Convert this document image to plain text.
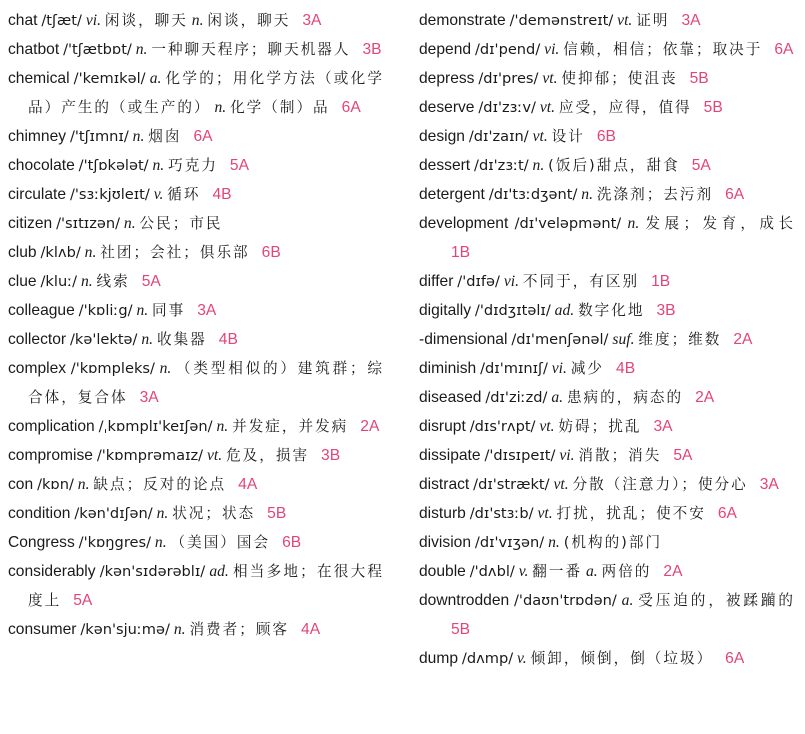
chat /tʃæt/ vi. 闲谈，聊天 n. 闲谈，聊天 3A

chatbot /'tʃætbɒt/ n. 一种聊天程序；聊天机器人 3B

chemical /'kemɪkəl/ a. 化学的；用化学方法（或化学品）产生的（或生产的） n. 化学（制）品 6A

chimney /'tʃɪmnɪ/ n. 烟囱 6A

chocolate /'tʃɒkələt/ n. 巧克力 5A

circulate /'sɜːkjʊleɪt/ v. 循环 4B

citizen /'sɪtɪzən/ n. 公民；市民

club /klʌb/ n. 社团；会社；俱乐部 6B

clue /kluː/ n. 线索 5A

colleague /'kɒliːg/ n. 同事 3A

collector /kə'lektə/ n. 收集器 4B

complex /'kɒmpleks/ n. （类型相似的）建筑群；综合体，复合体 3A

complication /ˌkɒmplɪ'keɪʃən/ n. 并发症，并发病 2A

compromise /'kɒmprəmaɪz/ vt. 危及，损害 3B

con /kɒn/ n. 缺点；反对的论点 4A

condition /kən'dɪʃən/ n. 状况；状态 5B

Congress /'kɒŋgres/ n. （美国）国会 6B

considerably /kən'sɪdərəblɪ/ ad. 相当多地；在很大程度上 5A

consumer /kən'sjuːmə/ n. 消费者；顾客 4A

demonstrate /'demənstreɪt/ vt. 证明 3A

depend /dɪ'pend/ vi. 信赖，相信；依靠；取决于 6A

depress /dɪ'pres/ vt. 使抑郁；使沮丧 5B

deserve /dɪ'zɜːv/ vt. 应受，应得，值得 5B

design /dɪ'zaɪn/ vt. 设计 6B

dessert /dɪ'zɜːt/ n. (饭后)甜点，甜食 5A

detergent /dɪ'tɜːdʒənt/ n. 洗涤剂；去污剂 6A

development /dɪ'veləpmənt/ n. 发展；发育，成长1B

differ /'dɪfə/ vi. 不同于，有区别 1B

digitally /'dɪdʒɪtəlɪ/ ad. 数字化地 3B

-dimensional /dɪ'menʃənəl/ suf. 维度；维数 2A

diminish /dɪ'mɪnɪʃ/ vi. 减少 4B

diseased /dɪ'ziːzd/ a. 患病的，病态的 2A

disrupt /dɪs'rʌpt/ vt. 妨碍；扰乱 3A

dissipate /'dɪsɪpeɪt/ vi. 消散；消失 5A

distract /dɪ'strækt/ vt. 分散（注意力）；使分心 3A

disturb /dɪ'stɜːb/ vt. 打扰，扰乱；使不安 6A

division /dɪ'vɪʒən/ n. (机构的)部门

double /'dʌbl/ v. 翻一番 a. 两倍的 2A

downtrodden /'daʊn'trɒdən/ a. 受压迫的，被蹂躏的5B

dump /dʌmp/ v. 倾卸，倾倒，倒（垃圾） 6A
